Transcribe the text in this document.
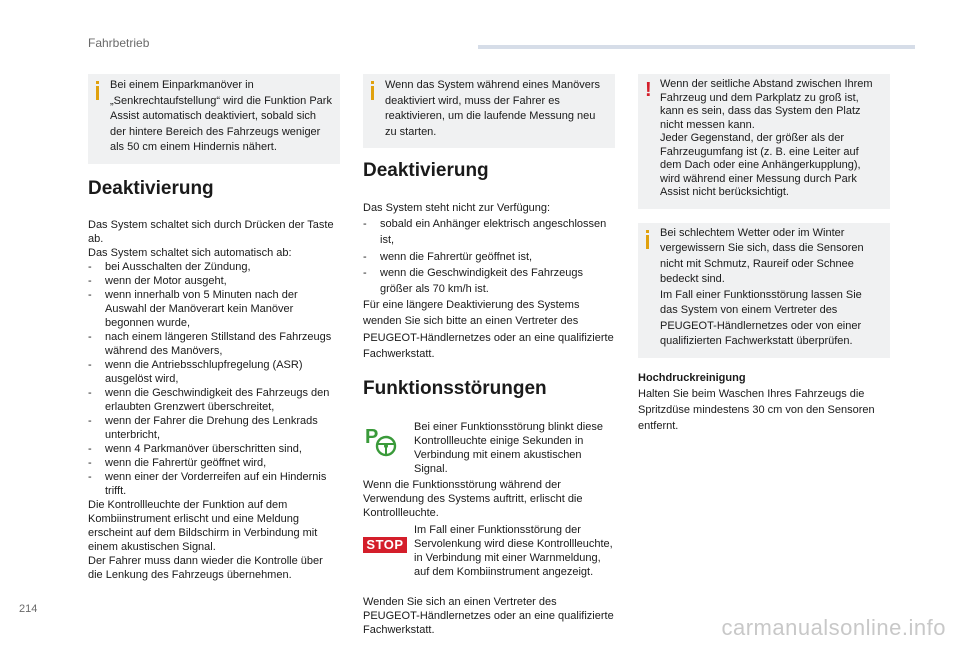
Fahrbetrieb

Bei einem Einparkmanöver in „Senkrechtaufstellung“ wird die Funktion Park Assist automatisch deaktiviert, sobald sich der hintere Bereich des Fahrzeugs weniger als 50 cm einem Hindernis nähert.

Deaktivierung

Das System schaltet sich durch Drücken der Taste ab.

Das System schaltet sich automatisch ab:

- bei Ausschalten der Zündung,
- wenn der Motor ausgeht,
- wenn innerhalb von 5 Minuten nach der Auswahl der Manöverart kein Manöver begonnen wurde,
- nach einem längeren Stillstand des Fahrzeugs während des Manövers,
- wenn die Antriebsschlupfregelung (ASR) ausgelöst wird,
- wenn die Geschwindigkeit des Fahrzeugs den erlaubten Grenzwert überschreitet,
- wenn der Fahrer die Drehung des Lenkrads unterbricht,
- wenn 4 Parkmanöver überschritten sind,
- wenn die Fahrertür geöffnet wird,
- wenn einer der Vorderreifen auf ein Hindernis trifft.

Die Kontrollleuchte der Funktion auf dem Kombiinstrument erlischt und eine Meldung erscheint auf dem Bildschirm in Verbindung mit einem akustischen Signal.

Der Fahrer muss dann wieder die Kontrolle über die Lenkung des Fahrzeugs übernehmen.

Wenn das System während eines Manövers deaktiviert wird, muss der Fahrer es reaktivieren, um die laufende Messung neu zu starten.

Deaktivierung

Das System steht nicht zur Verfügung:

- sobald ein Anhänger elektrisch angeschlossen ist,
- wenn die Fahrertür geöffnet ist,
- wenn die Geschwindigkeit des Fahrzeugs größer als 70 km/h ist.

Für eine längere Deaktivierung des Systems wenden Sie sich bitte an einen Vertreter des PEUGEOT-Händlernetzes oder an eine qualifizierte Fachwerkstatt.

Funktionsstörungen
P	Bei einer Funktionsstörung blinkt diese Kontrollleuchte einige Sekunden in Verbindung mit einem akustischen Signal.

Wenn die Funktionsstörung während der Verwendung des Systems auftritt, erlischt die Kontrollleuchte.

STOP

Im Fall einer Funktionsstörung der Servolenkung wird diese Kontrollleuchte, in Verbindung mit einer Warnmeldung, auf dem Kombiinstrument angezeigt.

Wenden Sie sich an einen Vertreter des PEUGEOT-Händlernetzes oder an eine qualifizierte Fachwerkstatt.

! Wenn der seitliche Abstand zwischen Ihrem Fahrzeug und dem Parkplatz zu groß ist, kann es sein, dass das System den Platz nicht messen kann.

Jeder Gegenstand, der größer als der Fahrzeugumfang ist (z. B. eine Leiter auf dem Dach oder eine Anhängerkupplung), wird während einer Messung durch Park Assist nicht berücksichtigt.

Bei schlechtem Wetter oder im Winter vergewissern Sie sich, dass die Sensoren nicht mit Schmutz, Raureif oder Schnee bedeckt sind.

Im Fall einer Funktionsstörung lassen Sie das System von einem Vertreter des PEUGEOT-Händlernetzes oder von einer qualifizierten Fachwerkstatt überprüfen.

Hochdruckreinigung

Halten Sie beim Waschen Ihres Fahrzeugs die Spritzdüse mindestens 30 cm von den Sensoren entfernt.

214
carmanualsonline.info
